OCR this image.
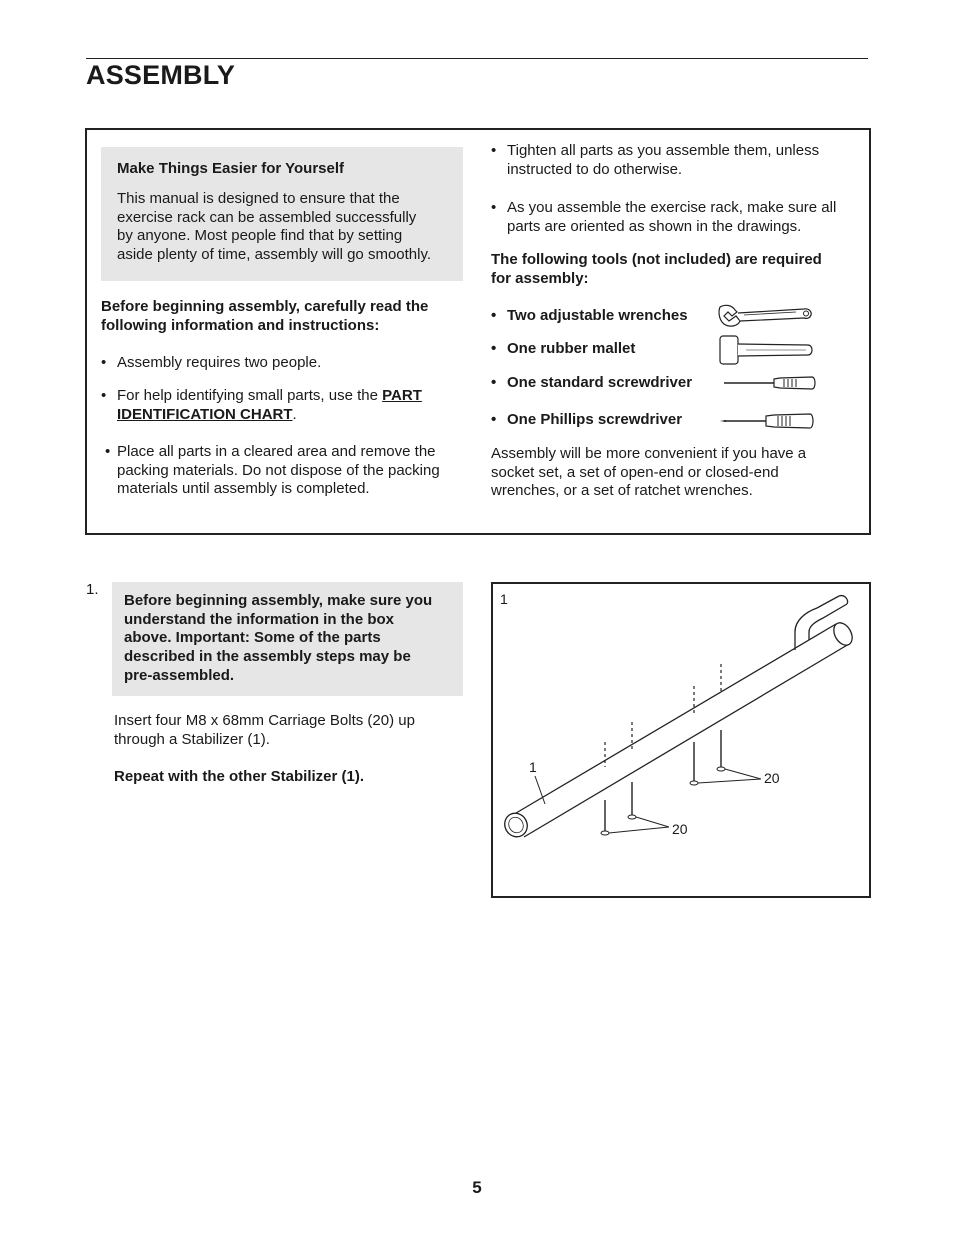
ASSEMBLY
Make Things Easier for Yourself
This manual is designed to ensure that the
exercise rack can be assembled successfully
by anyone. Most people find that by setting
aside plenty of time, assembly will go smoothly.
Before beginning assembly, carefully read the
following information and instructions:
• Assembly requires two people.
• For help identifying small parts, use the PART
IDENTIFICATION CHART.
• Place all parts in a cleared area and remove the
packing materials. Do not dispose of the packing
materials until assembly is completed.
• Tighten all parts as you assemble them, unless
instructed to do otherwise.
• As you assemble the exercise rack, make sure all
parts are oriented as shown in the drawings.
The following tools (not included) are required
for assembly:
• Two adjustable wrenches
• One rubber mallet
• One standard screwdriver
• One Phillips screwdriver
Assembly will be more convenient if you have a
socket set, a set of open-end or closed-end
wrenches, or a set of ratchet wrenches.
1.
Before beginning assembly, make sure you
understand the information in the box
above. Important: Some of the parts
described in the assembly steps may be
pre-assembled.
Insert four M8 x 68mm Carriage Bolts (20) up
through a Stabilizer (1).
Repeat with the other Stabilizer (1).
1
1
20
20
5
